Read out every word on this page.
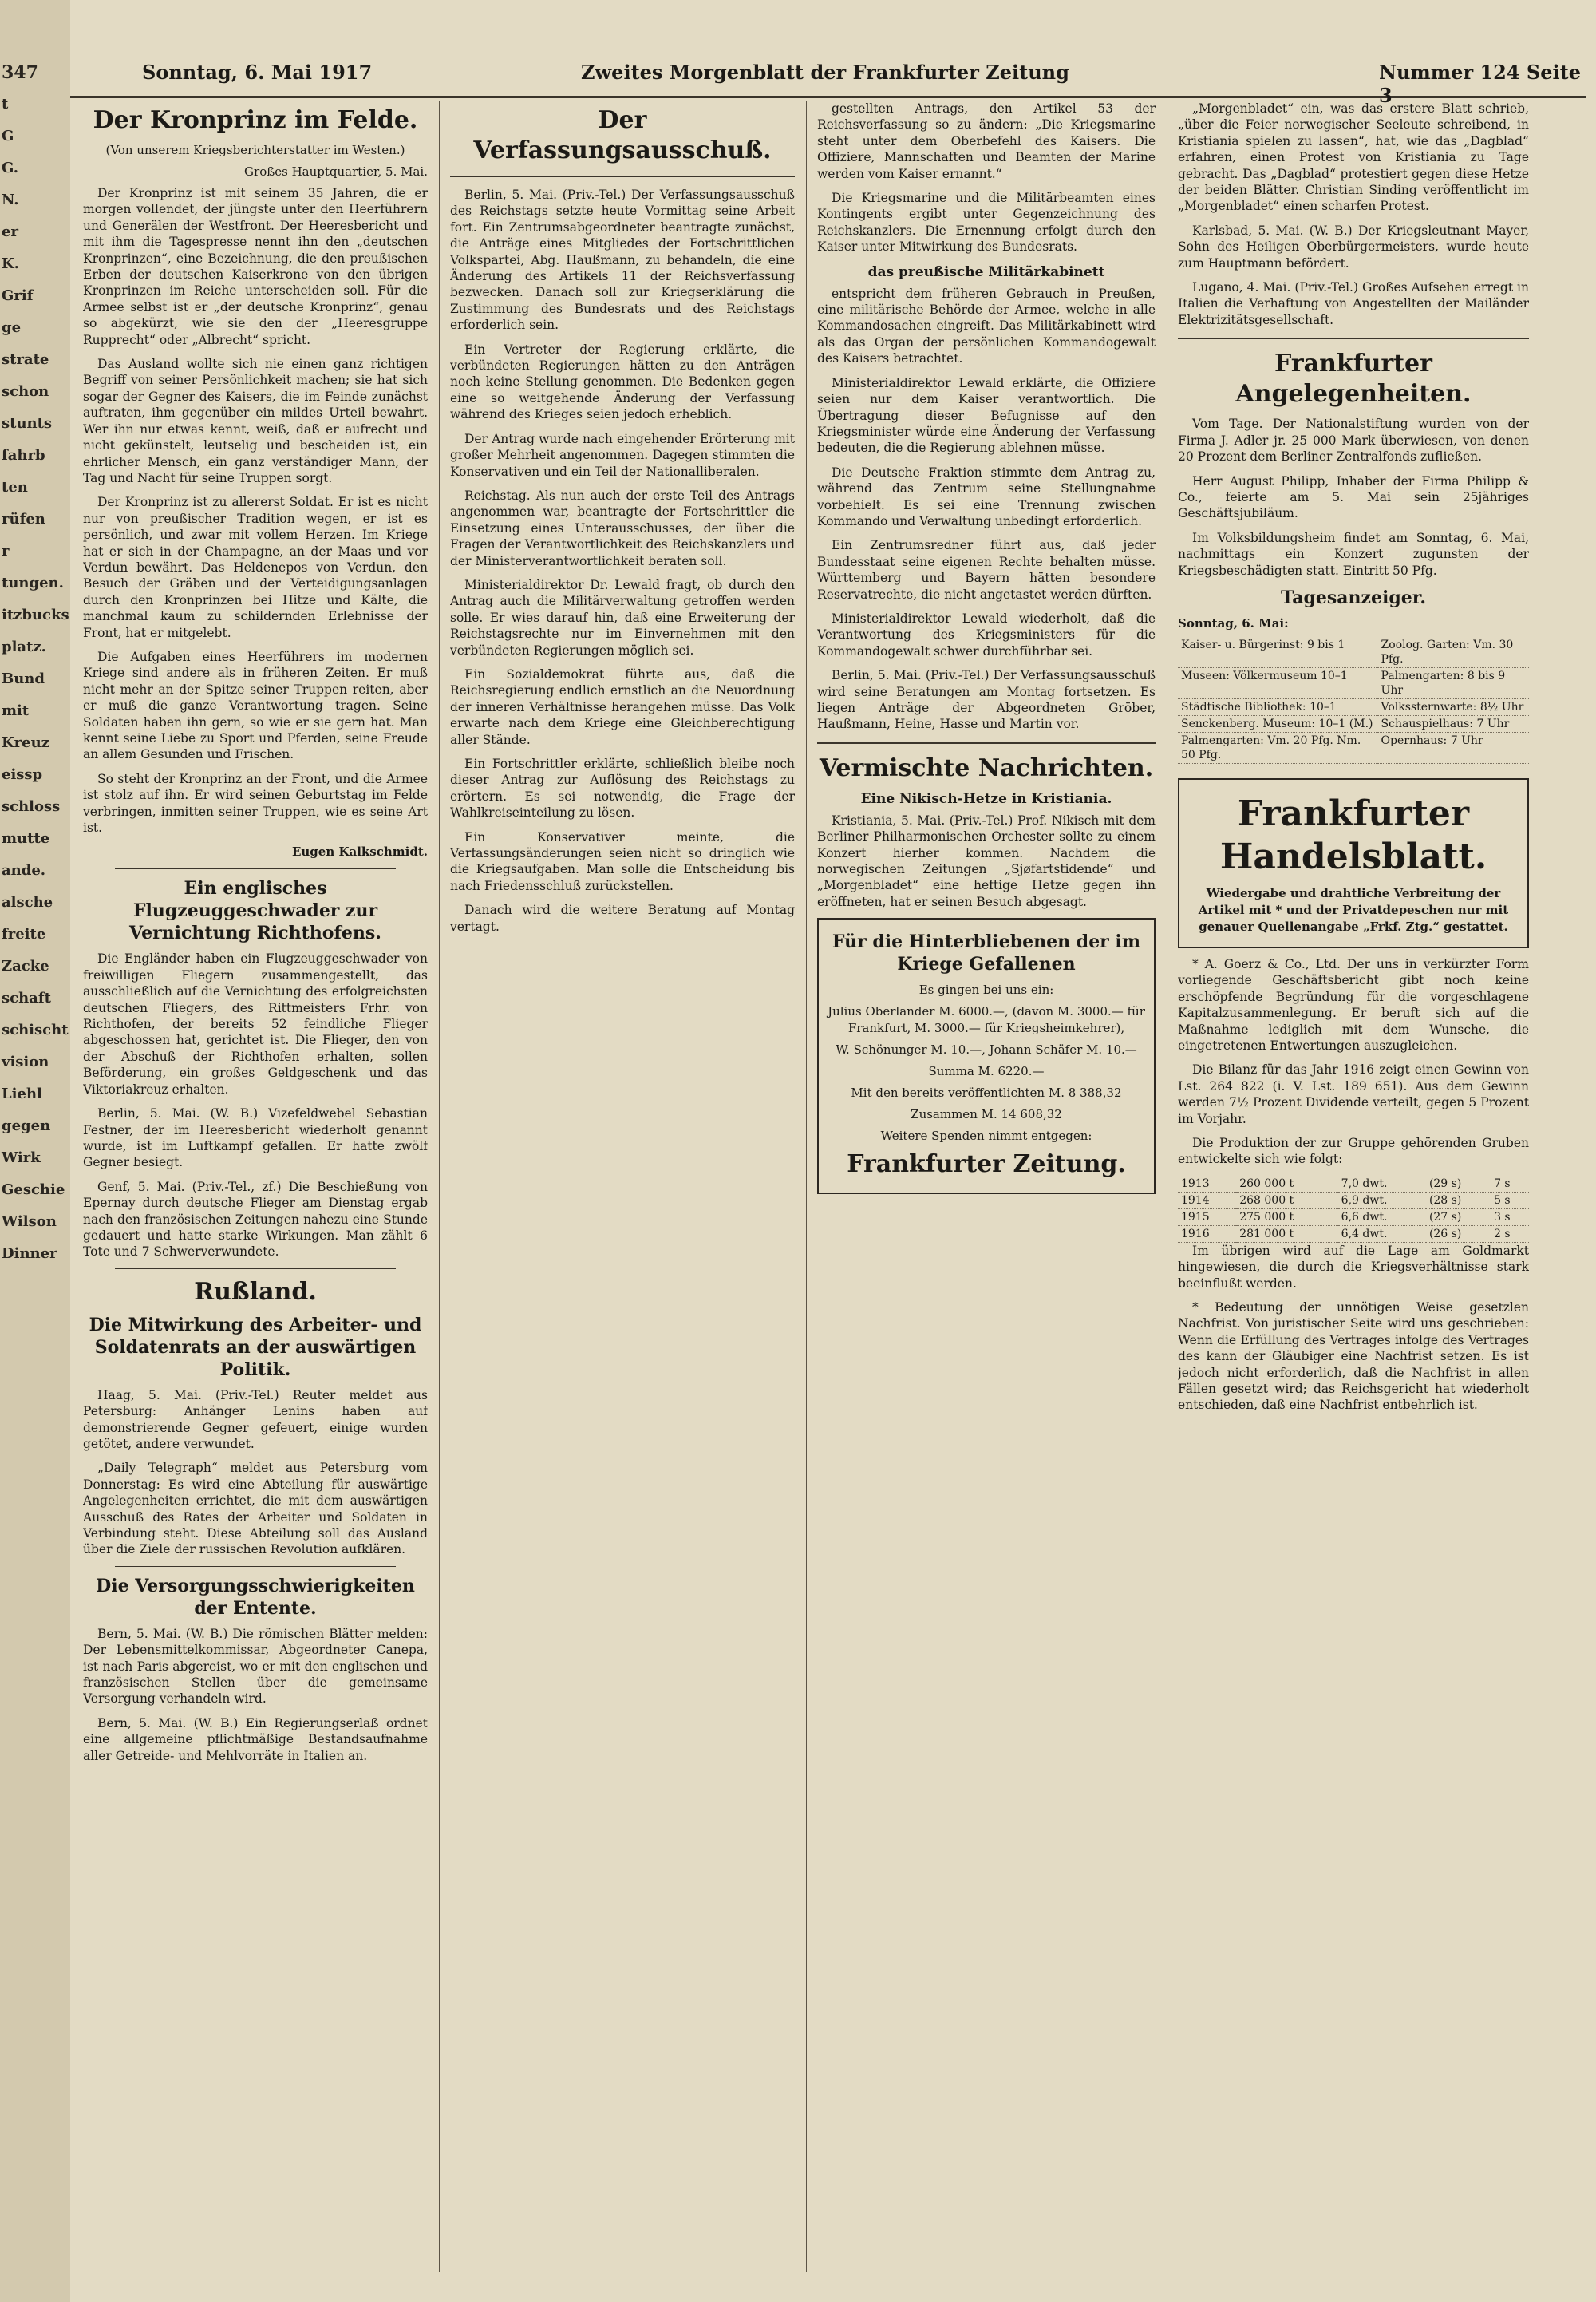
347
t
G
G.
N.
er
K.
Grif
ge
strate
schon
stunts
fahrb
ten
rüfen
r
tungen.
itzbucks
platz.
Bund
mit
Kreuz
eissp
schloss
mutte
ande.
alsche
freite
Zacke
schaft
schischt
vision
Liehl
gegen
Wirk
Geschie
Wilson
Dinner
Sonntag, 6. Mai 1917	Zweites Morgenblatt der Frankfurter Zeitung	Nummer 124 Seite 3
Der Kronprinz im Felde.
(Von unserem Kriegsberichterstatter im Westen.)
Großes Hauptquartier, 5. Mai.

Der Kronprinz ist mit seinem 35 Jahren, die er morgen vollendet, der jüngste unter den Heerführern und Generälen der Westfront. Der Heeresbericht und mit ihm die Tagespresse nennt ihn den „deutschen Kronprinzen“, eine Bezeichnung, die den preußischen Erben der deutschen Kaiserkrone von den übrigen Kronprinzen im Reiche unterscheiden soll. Für die Armee selbst ist er „der deutsche Kronprinz“, genau so abgekürzt, wie sie den der „Heeresgruppe Rupprecht“ oder „Albrecht“ spricht.

Das Ausland wollte sich nie einen ganz richtigen Begriff von seiner Persönlichkeit machen; sie hat sich sogar der Gegner des Kaisers, die im Feinde zunächst auftraten, ihm gegenüber ein mildes Urteil bewahrt. Wer ihn nur etwas kennt, weiß, daß er aufrecht und nicht gekünstelt, leutselig und bescheiden ist, ein ehrlicher Mensch, ein ganz verständiger Mann, der Tag und Nacht für seine Truppen sorgt.

Der Kronprinz ist zu allererst Soldat. Er ist es nicht nur von preußischer Tradition wegen, er ist es persönlich, und zwar mit vollem Herzen. Im Kriege hat er sich in der Champagne, an der Maas und vor Verdun bewährt. Das Heldenepos von Verdun, den Besuch der Gräben und der Verteidigungsanlagen durch den Kronprinzen bei Hitze und Kälte, die manchmal kaum zu schildernden Erlebnisse der Front, hat er mitgelebt.

Die Aufgaben eines Heerführers im modernen Kriege sind andere als in früheren Zeiten. Er muß nicht mehr an der Spitze seiner Truppen reiten, aber er muß die ganze Verantwortung tragen. Seine Soldaten haben ihn gern, so wie er sie gern hat. Man kennt seine Liebe zu Sport und Pferden, seine Freude an allem Gesunden und Frischen.

So steht der Kronprinz an der Front, und die Armee ist stolz auf ihn. Er wird seinen Geburtstag im Felde verbringen, inmitten seiner Truppen, wie es seine Art ist.

Eugen Kalkschmidt.
Ein englisches Flugzeuggeschwader zur Vernichtung Richthofens.

Die Engländer haben ein Flugzeuggeschwader von freiwilligen Fliegern zusammengestellt, das ausschließlich auf die Vernichtung des erfolgreichsten deutschen Fliegers, des Rittmeisters Frhr. von Richthofen, der bereits 52 feindliche Flieger abgeschossen hat, gerichtet ist. Die Flieger, den von der Abschuß der Richthofen erhalten, sollen Beförderung, ein großes Geldgeschenk und das Viktoriakreuz erhalten.

Berlin, 5. Mai. (W. B.) Vizefeldwebel Sebastian Festner, der im Heeresbericht wiederholt genannt wurde, ist im Luftkampf gefallen. Er hatte zwölf Gegner besiegt.

Genf, 5. Mai. (Priv.-Tel., zf.) Die Beschießung von Epernay durch deutsche Flieger am Dienstag ergab nach den französischen Zeitungen nahezu eine Stunde gedauert und hatte starke Wirkungen. Man zählt 6 Tote und 7 Schwerverwundete.

Rußland.
Die Mitwirkung des Arbeiter- und Soldatenrats an der auswärtigen Politik.

Haag, 5. Mai. (Priv.-Tel.) Reuter meldet aus Petersburg: Anhänger Lenins haben auf demonstrierende Gegner gefeuert, einige wurden getötet, andere verwundet.

„Daily Telegraph“ meldet aus Petersburg vom Donnerstag: Es wird eine Abteilung für auswärtige Angelegenheiten errichtet, die mit dem auswärtigen Ausschuß des Rates der Arbeiter und Soldaten in Verbindung steht. Diese Abteilung soll das Ausland über die Ziele der russischen Revolution aufklären.

Die Versorgungsschwierigkeiten der Entente.

Bern, 5. Mai. (W. B.) Die römischen Blätter melden: Der Lebensmittelkommissar, Abgeordneter Canepa, ist nach Paris abgereist, wo er mit den englischen und französischen Stellen über die gemeinsame Versorgung verhandeln wird.

Bern, 5. Mai. (W. B.) Ein Regierungserlaß ordnet eine allgemeine pflichtmäßige Bestandsaufnahme aller Getreide- und Mehlvorräte in Italien an.

Der Verfassungsausschuß.

Berlin, 5. Mai. (Priv.-Tel.) Der Verfassungsausschuß des Reichstags setzte heute Vormittag seine Arbeit fort. Ein Zentrumsabgeordneter beantragte zunächst, die Anträge eines Mitgliedes der Fortschrittlichen Volkspartei, Abg. Haußmann, zu behandeln, die eine Änderung des Artikels 11 der Reichsverfassung bezwecken. Danach soll zur Kriegserklärung die Zustimmung des Bundesrats und des Reichstags erforderlich sein.

Ein Vertreter der Regierung erklärte, die verbündeten Regierungen hätten zu den Anträgen noch keine Stellung genommen. Die Bedenken gegen eine so weitgehende Änderung der Verfassung während des Krieges seien jedoch erheblich.

Der Antrag wurde nach eingehender Erörterung mit großer Mehrheit angenommen. Dagegen stimmten die Konservativen und ein Teil der Nationalliberalen.

Reichstag. Als nun auch der erste Teil des Antrags angenommen war, beantragte der Fortschrittler die Einsetzung eines Unterausschusses, der über die Fragen der Verantwortlichkeit des Reichskanzlers und der Ministerverantwortlichkeit beraten soll.

Ministerialdirektor Dr. Lewald fragt, ob durch den Antrag auch die Militärverwaltung getroffen werden solle. Er wies darauf hin, daß eine Erweiterung der Reichstagsrechte nur im Einvernehmen mit den verbündeten Regierungen möglich sei.

Ein Sozialdemokrat führte aus, daß die Reichsregierung endlich ernstlich an die Neuordnung der inneren Verhältnisse herangehen müsse. Das Volk erwarte nach dem Kriege eine Gleichberechtigung aller Stände.

Ein Fortschrittler erklärte, schließlich bleibe noch dieser Antrag zur Auflösung des Reichstags zu erörtern. Es sei notwendig, die Frage der Wahlkreiseinteilung zu lösen.

Ein Konservativer meinte, die Verfassungsänderungen seien nicht so dringlich wie die Kriegsaufgaben. Man solle die Entscheidung bis nach Friedensschluß zurückstellen.

Danach wird die weitere Beratung auf Montag vertagt.

gestellten Antrags, den Artikel 53 der Reichsverfassung so zu ändern: „Die Kriegsmarine steht unter dem Oberbefehl des Kaisers. Die Offiziere, Mannschaften und Beamten der Marine werden vom Kaiser ernannt.“

Die Kriegsmarine und die Militärbeamten eines Kontingents ergibt unter Gegenzeichnung des Reichskanzlers. Die Ernennung erfolgt durch den Kaiser unter Mitwirkung des Bundesrats.

das preußische Militärkabinett

entspricht dem früheren Gebrauch in Preußen, eine militärische Behörde der Armee, welche in alle Kommandosachen eingreift. Das Militärkabinett wird als das Organ der persönlichen Kommandogewalt des Kaisers betrachtet.

Ministerialdirektor Lewald erklärte, die Offiziere seien nur dem Kaiser verantwortlich. Die Übertragung dieser Befugnisse auf den Kriegsminister würde eine Änderung der Verfassung bedeuten, die die Regierung ablehnen müsse.

Die Deutsche Fraktion stimmte dem Antrag zu, während das Zentrum seine Stellungnahme vorbehielt. Es sei eine Trennung zwischen Kommando und Verwaltung unbedingt erforderlich.

Ein Zentrumsredner führt aus, daß jeder Bundesstaat seine eigenen Rechte behalten müsse. Württemberg und Bayern hätten besondere Reservatrechte, die nicht angetastet werden dürften.

Ministerialdirektor Lewald wiederholt, daß die Verantwortung des Kriegsministers für die Kommandogewalt schwer durchführbar sei.

Berlin, 5. Mai. (Priv.-Tel.) Der Verfassungsausschuß wird seine Beratungen am Montag fortsetzen. Es liegen Anträge der Abgeordneten Gröber, Haußmann, Heine, Hasse und Martin vor.

Vermischte Nachrichten.
Eine Nikisch-Hetze in Kristiania.

Kristiania, 5. Mai. (Priv.-Tel.) Prof. Nikisch mit dem Berliner Philharmonischen Orchester sollte zu einem Konzert hierher kommen. Nachdem die norwegischen Zeitungen „Sjøfartstidende“ und „Morgenbladet“ eine heftige Hetze gegen ihn eröffneten, hat er seinen Besuch abgesagt.

Für die Hinterbliebenen der im Kriege Gefallenen

Es gingen bei uns ein:

Julius Oberlander M. 6000.—, (davon M. 3000.— für Frankfurt, M. 3000.— für Kriegsheimkehrer),

W. Schönunger M. 10.—, Johann Schäfer M. 10.—

Summa M. 6220.—

Mit den bereits veröffentlichten M. 8 388,32

Zusammen M. 14 608,32

Weitere Spenden nimmt entgegen:

Frankfurter Zeitung.

„Morgenbladet“ ein, was das erstere Blatt schrieb, „über die Feier norwegischer Seeleute schreibend, in Kristiania spielen zu lassen“, hat, wie das „Dagblad“ erfahren, einen Protest von Kristiania zu Tage gebracht. Das „Dagblad“ protestiert gegen diese Hetze der beiden Blätter. Christian Sinding veröffentlicht im „Morgenbladet“ einen scharfen Protest.

Karlsbad, 5. Mai. (W. B.) Der Kriegsleutnant Mayer, Sohn des Heiligen Oberbürgermeisters, wurde heute zum Hauptmann befördert.

Lugano, 4. Mai. (Priv.-Tel.) Großes Aufsehen erregt in Italien die Verhaftung von Angestellten der Mailänder Elektrizitätsgesellschaft.

Frankfurter Angelegenheiten.

Vom Tage. Der Nationalstiftung wurden von der Firma J. Adler jr. 25 000 Mark überwiesen, von denen 20 Prozent dem Berliner Zentralfonds zufließen.

Herr August Philipp, Inhaber der Firma Philipp & Co., feierte am 5. Mai sein 25jähriges Geschäftsjubiläum.

Im Volksbildungsheim findet am Sonntag, 6. Mai, nachmittags ein Konzert zugunsten der Kriegsbeschädigten statt. Eintritt 50 Pfg.

Tagesanzeiger.
Sonntag, 6. Mai:
Kaiser- u. Bürgerinst: 9 bis 1	Zoolog. Garten: Vm. 30 Pfg.
Museen: Völkermuseum 10–1	Palmengarten: 8 bis 9 Uhr
Städtische Bibliothek: 10–1	Volkssternwarte: 8½ Uhr
Senckenberg. Museum: 10–1 (M.)	Schauspielhaus: 7 Uhr
Palmengarten: Vm. 20 Pfg. Nm. 50 Pfg.	Opernhaus: 7 Uhr
Frankfurter Handelsblatt.
Wiedergabe und drahtliche Verbreitung der Artikel mit * und der Privatdepeschen nur mit genauer Quellenangabe „Frkf. Ztg.“ gestattet.

* A. Goerz & Co., Ltd. Der uns in verkürzter Form vorliegende Geschäftsbericht gibt noch keine erschöpfende Begründung für die vorgeschlagene Kapitalzusammenlegung. Er beruft sich auf die Maßnahme lediglich mit dem Wunsche, die eingetretenen Entwertungen auszugleichen.

Die Bilanz für das Jahr 1916 zeigt einen Gewinn von Lst. 264 822 (i. V. Lst. 189 651). Aus dem Gewinn werden 7½ Prozent Dividende verteilt, gegen 5 Prozent im Vorjahr.

Die Produktion der zur Gruppe gehörenden Gruben entwickelte sich wie folgt:

1913	260 000 t	7,0 dwt.	(29 s)	7 s
1914	268 000 t	6,9 dwt.	(28 s)	5 s
1915	275 000 t	6,6 dwt.	(27 s)	3 s
1916	281 000 t	6,4 dwt.	(26 s)	2 s

Im übrigen wird auf die Lage am Goldmarkt hingewiesen, die durch die Kriegsverhältnisse stark beeinflußt werden.

* Bedeutung der unnötigen Weise gesetzlen Nachfrist. Von juristischer Seite wird uns geschrieben: Wenn die Erfüllung des Vertrages infolge des Vertrages des kann der Gläubiger eine Nachfrist setzen. Es ist jedoch nicht erforderlich, daß die Nachfrist in allen Fällen gesetzt wird; das Reichsgericht hat wiederholt entschieden, daß eine Nachfrist entbehrlich ist.
